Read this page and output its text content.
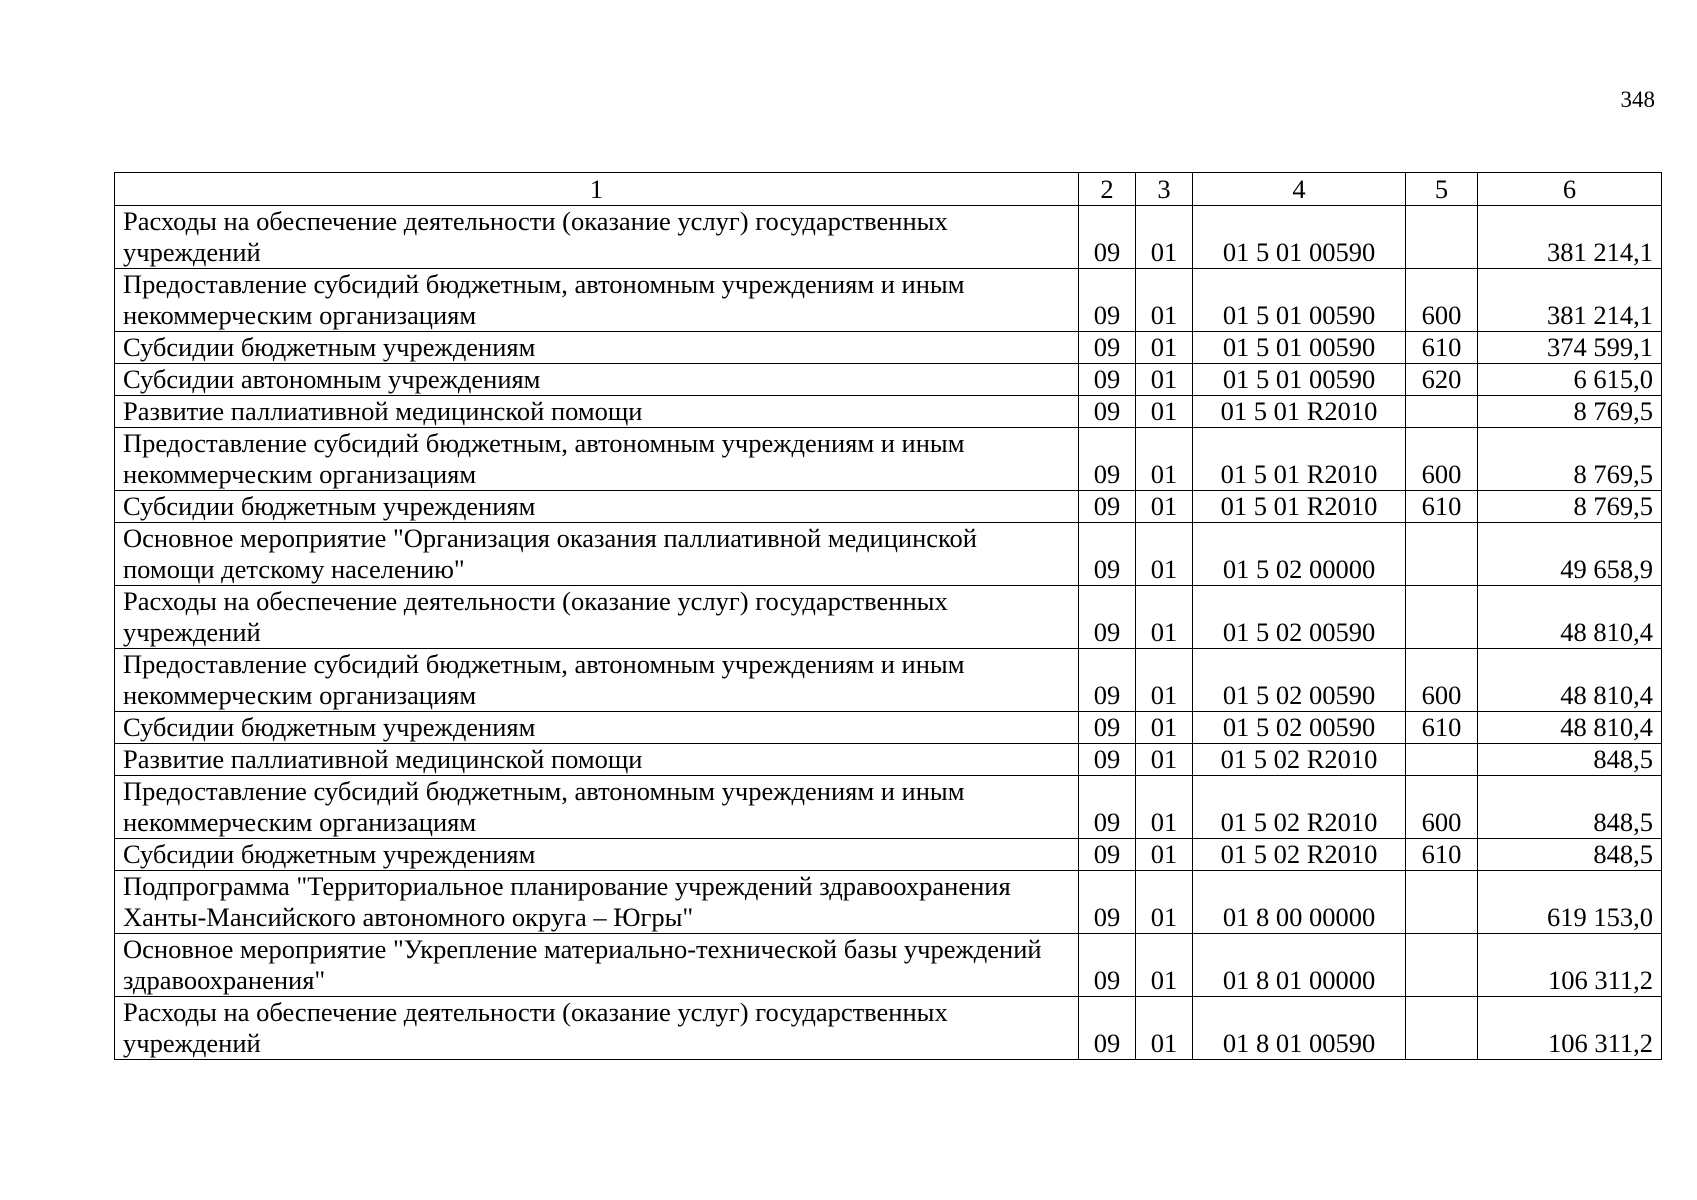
348
1	2	3	4	5	6
Расходы на обеспечение деятельности (оказание услуг) государственных учреждений	09	01	01 5 01 00590		381 214,1
Предоставление субсидий бюджетным, автономным учреждениям и иным некоммерческим организациям	09	01	01 5 01 00590	600	381 214,1
Субсидии бюджетным учреждениям	09	01	01 5 01 00590	610	374 599,1
Субсидии автономным учреждениям	09	01	01 5 01 00590	620	6 615,0
Развитие паллиативной медицинской помощи	09	01	01 5 01 R2010		8 769,5
Предоставление субсидий бюджетным, автономным учреждениям и иным некоммерческим организациям	09	01	01 5 01 R2010	600	8 769,5
Субсидии бюджетным учреждениям	09	01	01 5 01 R2010	610	8 769,5
Основное мероприятие "Организация оказания паллиативной медицинской помощи детскому населению"	09	01	01 5 02 00000		49 658,9
Расходы на обеспечение деятельности (оказание услуг) государственных учреждений	09	01	01 5 02 00590		48 810,4
Предоставление субсидий бюджетным, автономным учреждениям и иным некоммерческим организациям	09	01	01 5 02 00590	600	48 810,4
Субсидии бюджетным учреждениям	09	01	01 5 02 00590	610	48 810,4
Развитие паллиативной медицинской помощи	09	01	01 5 02 R2010		848,5
Предоставление субсидий бюджетным, автономным учреждениям и иным некоммерческим организациям	09	01	01 5 02 R2010	600	848,5
Субсидии бюджетным учреждениям	09	01	01 5 02 R2010	610	848,5
Подпрограмма "Территориальное планирование учреждений здравоохранения Ханты-Мансийского автономного округа – Югры"	09	01	01 8 00 00000		619 153,0
Основное мероприятие "Укрепление материально-технической базы учреждений здравоохранения"	09	01	01 8 01 00000		106 311,2
Расходы на обеспечение деятельности (оказание услуг) государственных учреждений	09	01	01 8 01 00590		106 311,2
